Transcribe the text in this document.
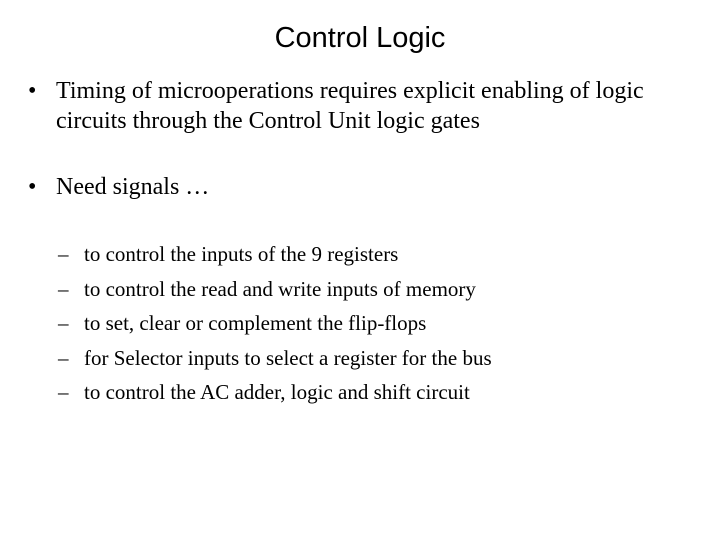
Control Logic
• Timing of microoperations requires explicit enabling of logic circuits through the Control Unit logic gates
• Need signals …
– to control the inputs of the 9 registers
– to control the read and write inputs of memory
– to set, clear or complement the flip-flops
– for Selector inputs to select a register for the bus
– to control the AC adder, logic and shift circuit
